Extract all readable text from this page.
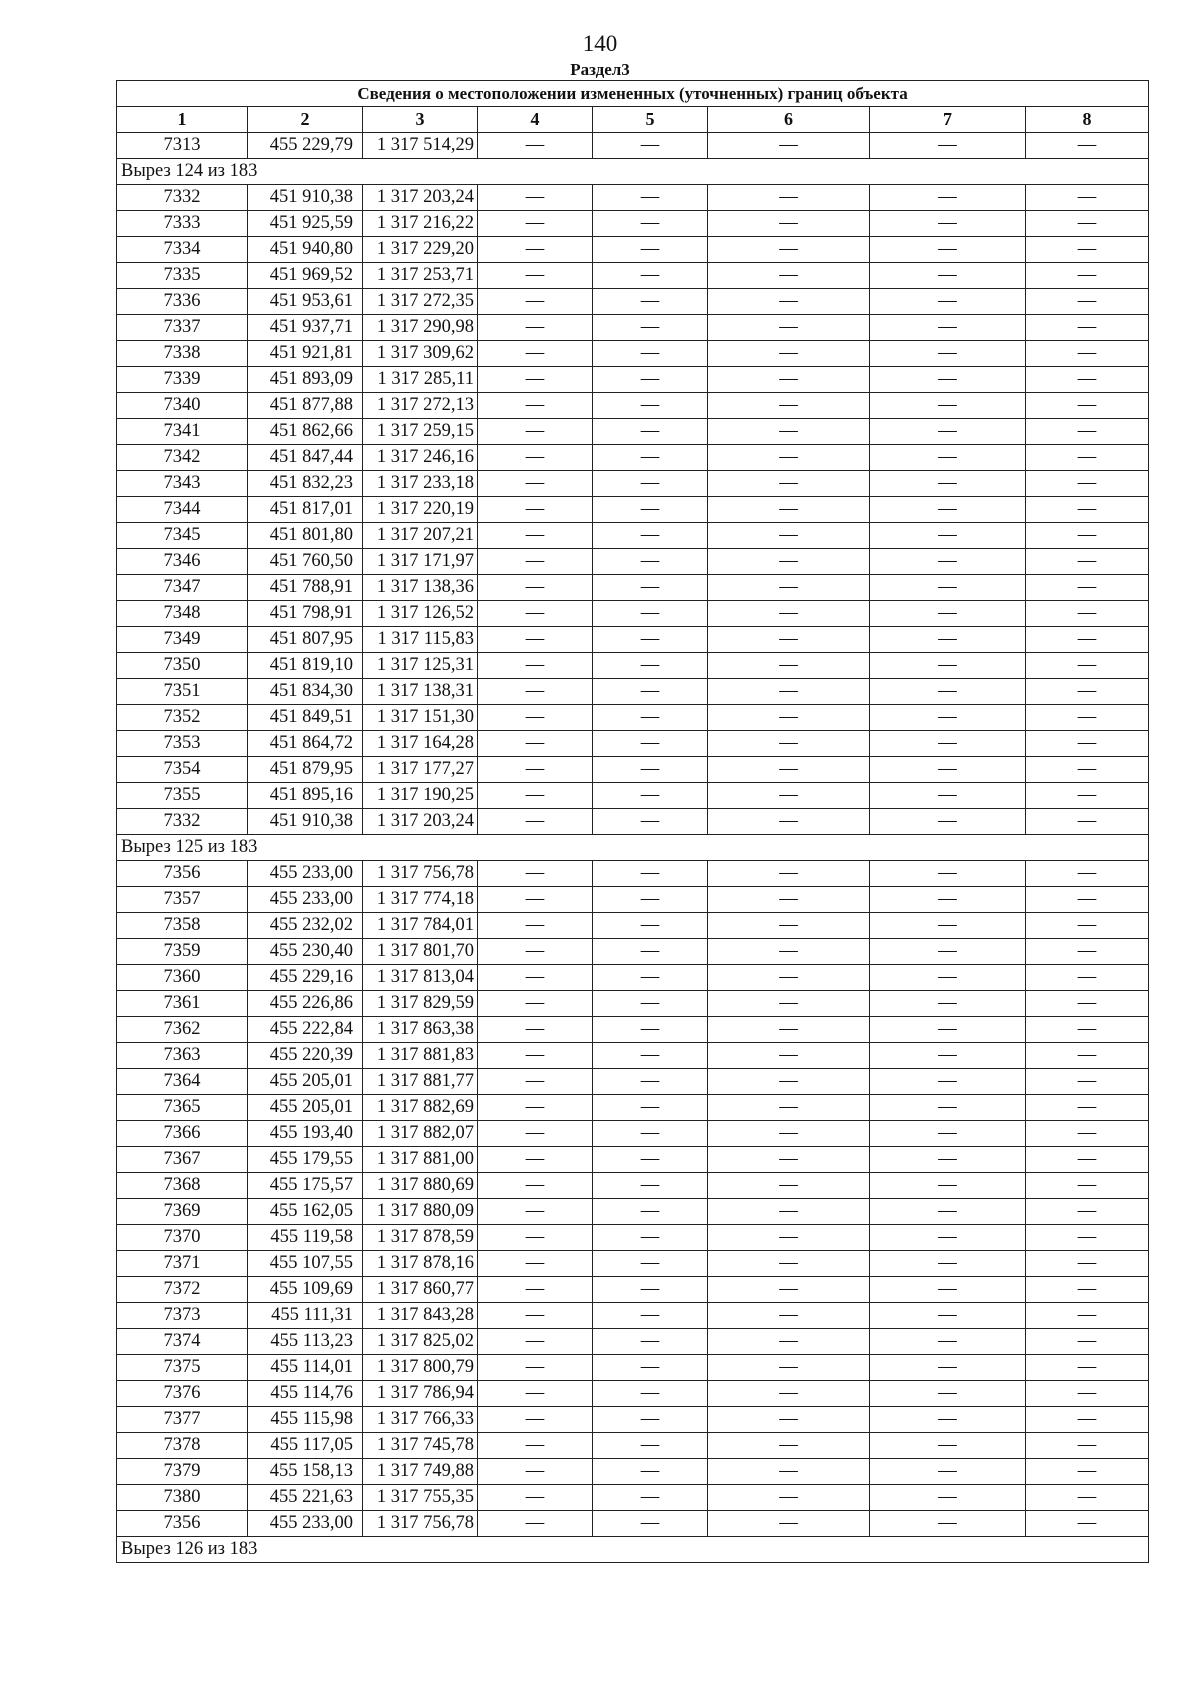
140
Раздел3
Сведения о местоположении измененных (уточненных) границ объекта							
1	2	3	4	5	6	7	8
7313	455 229,79	1 317 514,29	—	—	—	—	—
Вырез 124 из 183							
7332	451 910,38	1 317 203,24	—	—	—	—	—
7333	451 925,59	1 317 216,22	—	—	—	—	—
7334	451 940,80	1 317 229,20	—	—	—	—	—
7335	451 969,52	1 317 253,71	—	—	—	—	—
7336	451 953,61	1 317 272,35	—	—	—	—	—
7337	451 937,71	1 317 290,98	—	—	—	—	—
7338	451 921,81	1 317 309,62	—	—	—	—	—
7339	451 893,09	1 317 285,11	—	—	—	—	—
7340	451 877,88	1 317 272,13	—	—	—	—	—
7341	451 862,66	1 317 259,15	—	—	—	—	—
7342	451 847,44	1 317 246,16	—	—	—	—	—
7343	451 832,23	1 317 233,18	—	—	—	—	—
7344	451 817,01	1 317 220,19	—	—	—	—	—
7345	451 801,80	1 317 207,21	—	—	—	—	—
7346	451 760,50	1 317 171,97	—	—	—	—	—
7347	451 788,91	1 317 138,36	—	—	—	—	—
7348	451 798,91	1 317 126,52	—	—	—	—	—
7349	451 807,95	1 317 115,83	—	—	—	—	—
7350	451 819,10	1 317 125,31	—	—	—	—	—
7351	451 834,30	1 317 138,31	—	—	—	—	—
7352	451 849,51	1 317 151,30	—	—	—	—	—
7353	451 864,72	1 317 164,28	—	—	—	—	—
7354	451 879,95	1 317 177,27	—	—	—	—	—
7355	451 895,16	1 317 190,25	—	—	—	—	—
7332	451 910,38	1 317 203,24	—	—	—	—	—
Вырез 125 из 183							
7356	455 233,00	1 317 756,78	—	—	—	—	—
7357	455 233,00	1 317 774,18	—	—	—	—	—
7358	455 232,02	1 317 784,01	—	—	—	—	—
7359	455 230,40	1 317 801,70	—	—	—	—	—
7360	455 229,16	1 317 813,04	—	—	—	—	—
7361	455 226,86	1 317 829,59	—	—	—	—	—
7362	455 222,84	1 317 863,38	—	—	—	—	—
7363	455 220,39	1 317 881,83	—	—	—	—	—
7364	455 205,01	1 317 881,77	—	—	—	—	—
7365	455 205,01	1 317 882,69	—	—	—	—	—
7366	455 193,40	1 317 882,07	—	—	—	—	—
7367	455 179,55	1 317 881,00	—	—	—	—	—
7368	455 175,57	1 317 880,69	—	—	—	—	—
7369	455 162,05	1 317 880,09	—	—	—	—	—
7370	455 119,58	1 317 878,59	—	—	—	—	—
7371	455 107,55	1 317 878,16	—	—	—	—	—
7372	455 109,69	1 317 860,77	—	—	—	—	—
7373	455 111,31	1 317 843,28	—	—	—	—	—
7374	455 113,23	1 317 825,02	—	—	—	—	—
7375	455 114,01	1 317 800,79	—	—	—	—	—
7376	455 114,76	1 317 786,94	—	—	—	—	—
7377	455 115,98	1 317 766,33	—	—	—	—	—
7378	455 117,05	1 317 745,78	—	—	—	—	—
7379	455 158,13	1 317 749,88	—	—	—	—	—
7380	455 221,63	1 317 755,35	—	—	—	—	—
7356	455 233,00	1 317 756,78	—	—	—	—	—
Вырез 126 из 183							
